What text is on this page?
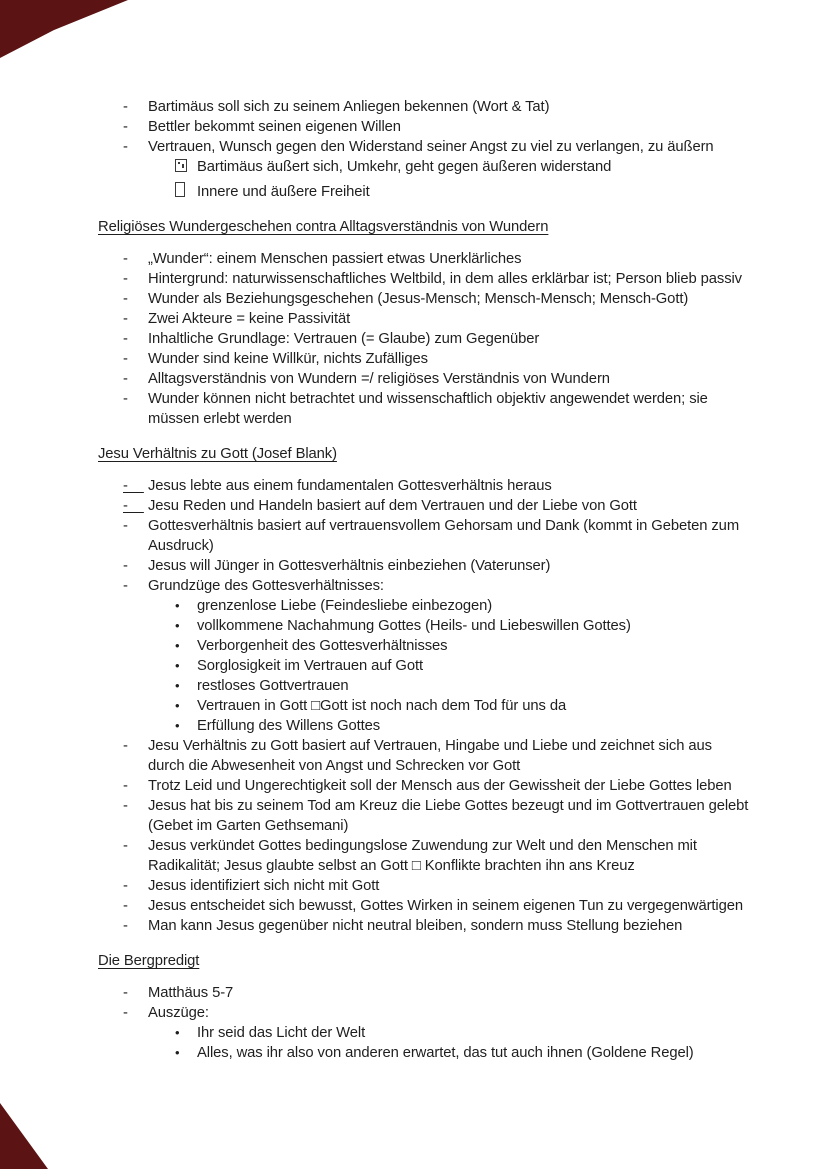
-	Bartimäus soll sich zu seinem Anliegen bekennen (Wort & Tat)
-	Bettler bekommt seinen eigenen Willen
-	Vertrauen, Wunsch gegen den Widerstand seiner Angst zu viel zu verlangen, zu äußern
Bartimäus äußert sich, Umkehr, geht gegen äußeren widerstand
Innere und äußere Freiheit
Religiöses Wundergeschehen contra Alltagsverständnis von Wundern
-	„Wunder“: einem Menschen passiert etwas Unerklärliches
-	Hintergrund: naturwissenschaftliches Weltbild, in dem alles erklärbar ist; Person blieb passiv
-	Wunder als Beziehungsgeschehen (Jesus-Mensch; Mensch-Mensch; Mensch-Gott)
-	Zwei Akteure = keine Passivität
-	Inhaltliche Grundlage: Vertrauen (= Glaube) zum Gegenüber
-	Wunder sind keine Willkür, nichts Zufälliges
-	Alltagsverständnis von Wundern =/ religiöses Verständnis von Wundern
-	Wunder können nicht betrachtet und wissenschaftlich objektiv angewendet werden; sie müssen erlebt werden
Jesu Verhältnis zu Gott (Josef Blank)
- Jesus lebte aus einem fundamentalen Gottesverhältnis heraus
- Jesu Reden und Handeln basiert auf dem Vertrauen und der Liebe von Gott
-	Gottesverhältnis basiert auf vertrauensvollem Gehorsam und Dank (kommt in Gebeten zum Ausdruck)
-	Jesus will Jünger in Gottesverhältnis einbeziehen (Vaterunser)
-	Grundzüge des Gottesverhältnisses:
•	grenzenlose Liebe (Feindesliebe einbezogen)
•	vollkommene Nachahmung Gottes (Heils- und Liebeswillen Gottes)
•	Verborgenheit des Gottesverhältnisses
•	Sorglosigkeit im Vertrauen auf Gott
•	restloses Gottvertrauen
•	Vertrauen in Gott □Gott ist noch nach dem Tod für uns da
•	Erfüllung des Willens Gottes
-	Jesu Verhältnis zu Gott basiert auf Vertrauen, Hingabe und Liebe und zeichnet sich aus durch die Abwesenheit von Angst und Schrecken vor Gott
-	Trotz Leid und Ungerechtigkeit soll der Mensch aus der Gewissheit der Liebe Gottes leben
-	Jesus hat bis zu seinem Tod am Kreuz die Liebe Gottes bezeugt und im Gottvertrauen gelebt (Gebet im Garten Gethsemani)
-	Jesus verkündet Gottes bedingungslose Zuwendung zur Welt und den Menschen mit Radikalität; Jesus glaubte selbst an Gott □ Konflikte brachten ihn ans Kreuz
-	Jesus identifiziert sich nicht mit Gott
-	Jesus entscheidet sich bewusst, Gottes Wirken in seinem eigenen Tun zu vergegenwärtigen
-	Man kann Jesus gegenüber nicht neutral bleiben, sondern muss Stellung beziehen
Die Bergpredigt
-	Matthäus 5-7
-	Auszüge:
•	Ihr seid das Licht der Welt
•	Alles, was ihr also von anderen erwartet, das tut auch ihnen (Goldene Regel)
